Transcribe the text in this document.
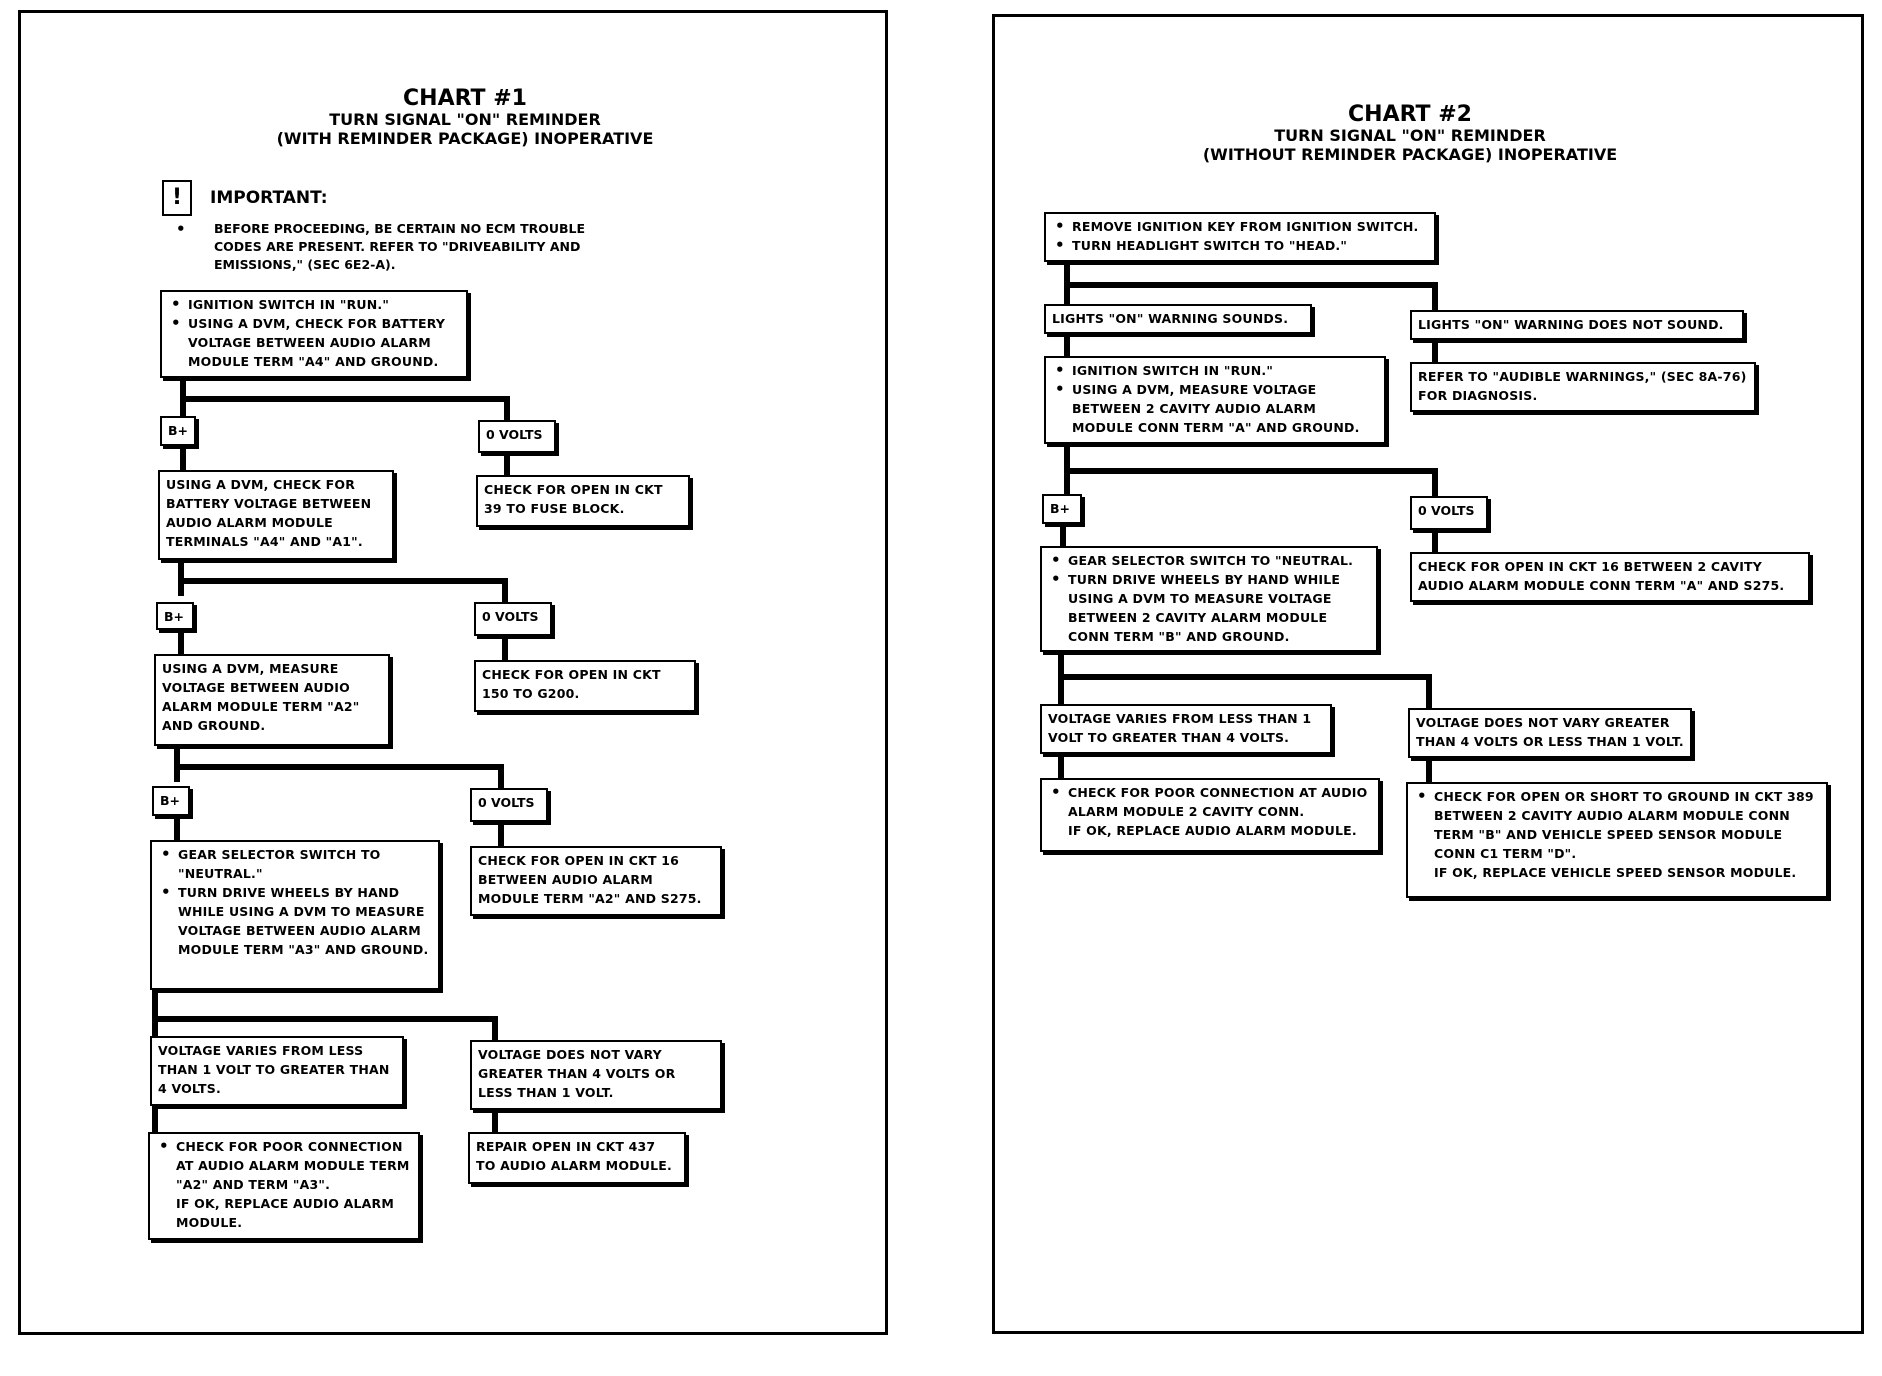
CHART #1
TURN SIGNAL "ON" REMINDER
(WITH REMINDER PACKAGE) INOPERATIVE
!	IMPORTANT:
• BEFORE PROCEEDING, BE CERTAIN NO ECM TROUBLE CODES ARE PRESENT. REFER TO "DRIVEABILITY AND EMISSIONS," (SEC 6E2-A).
• IGNITION SWITCH IN "RUN."
• USING A DVM, CHECK FOR BATTERY VOLTAGE BETWEEN AUDIO ALARM MODULE TERM "A4" AND GROUND.
B+	0 VOLTS
USING A DVM, CHECK FOR BATTERY VOLTAGE BETWEEN AUDIO ALARM MODULE TERMINALS "A4" AND "A1".
CHECK FOR OPEN IN CKT 39 TO FUSE BLOCK.
B+	0 VOLTS
USING A DVM, MEASURE VOLTAGE BETWEEN AUDIO ALARM MODULE TERM "A2" AND GROUND.
CHECK FOR OPEN IN CKT 150 TO G200.
B+	0 VOLTS
• GEAR SELECTOR SWITCH TO "NEUTRAL."
• TURN DRIVE WHEELS BY HAND WHILE USING A DVM TO MEASURE VOLTAGE BETWEEN AUDIO ALARM MODULE TERM "A3" AND GROUND.
CHECK FOR OPEN IN CKT 16 BETWEEN AUDIO ALARM MODULE TERM "A2" AND S275.
VOLTAGE VARIES FROM LESS THAN 1 VOLT TO GREATER THAN 4 VOLTS.
VOLTAGE DOES NOT VARY GREATER THAN 4 VOLTS OR LESS THAN 1 VOLT.
• CHECK FOR POOR CONNECTION AT AUDIO ALARM MODULE TERM "A2" AND TERM "A3".
IF OK, REPLACE AUDIO ALARM MODULE.
REPAIR OPEN IN CKT 437 TO AUDIO ALARM MODULE.
CHART #2
TURN SIGNAL "ON" REMINDER
(WITHOUT REMINDER PACKAGE) INOPERATIVE
• REMOVE IGNITION KEY FROM IGNITION SWITCH.
• TURN HEADLIGHT SWITCH TO "HEAD."
LIGHTS "ON" WARNING SOUNDS.	LIGHTS "ON" WARNING DOES NOT SOUND.
• IGNITION SWITCH IN "RUN."
• USING A DVM, MEASURE VOLTAGE BETWEEN 2 CAVITY AUDIO ALARM MODULE CONN TERM "A" AND GROUND.
REFER TO "AUDIBLE WARNINGS," (SEC 8A-76) FOR DIAGNOSIS.
B+	0 VOLTS
• GEAR SELECTOR SWITCH TO "NEUTRAL.
• TURN DRIVE WHEELS BY HAND WHILE USING A DVM TO MEASURE VOLTAGE BETWEEN 2 CAVITY ALARM MODULE CONN TERM "B" AND GROUND.
CHECK FOR OPEN IN CKT 16 BETWEEN 2 CAVITY AUDIO ALARM MODULE CONN TERM "A" AND S275.
VOLTAGE VARIES FROM LESS THAN 1 VOLT TO GREATER THAN 4 VOLTS.
VOLTAGE DOES NOT VARY GREATER THAN 4 VOLTS OR LESS THAN 1 VOLT.
• CHECK FOR POOR CONNECTION AT AUDIO ALARM MODULE 2 CAVITY CONN.
IF OK, REPLACE AUDIO ALARM MODULE.
• CHECK FOR OPEN OR SHORT TO GROUND IN CKT 389 BETWEEN 2 CAVITY AUDIO ALARM MODULE CONN TERM "B" AND VEHICLE SPEED SENSOR MODULE CONN C1 TERM "D".
IF OK, REPLACE VEHICLE SPEED SENSOR MODULE.
